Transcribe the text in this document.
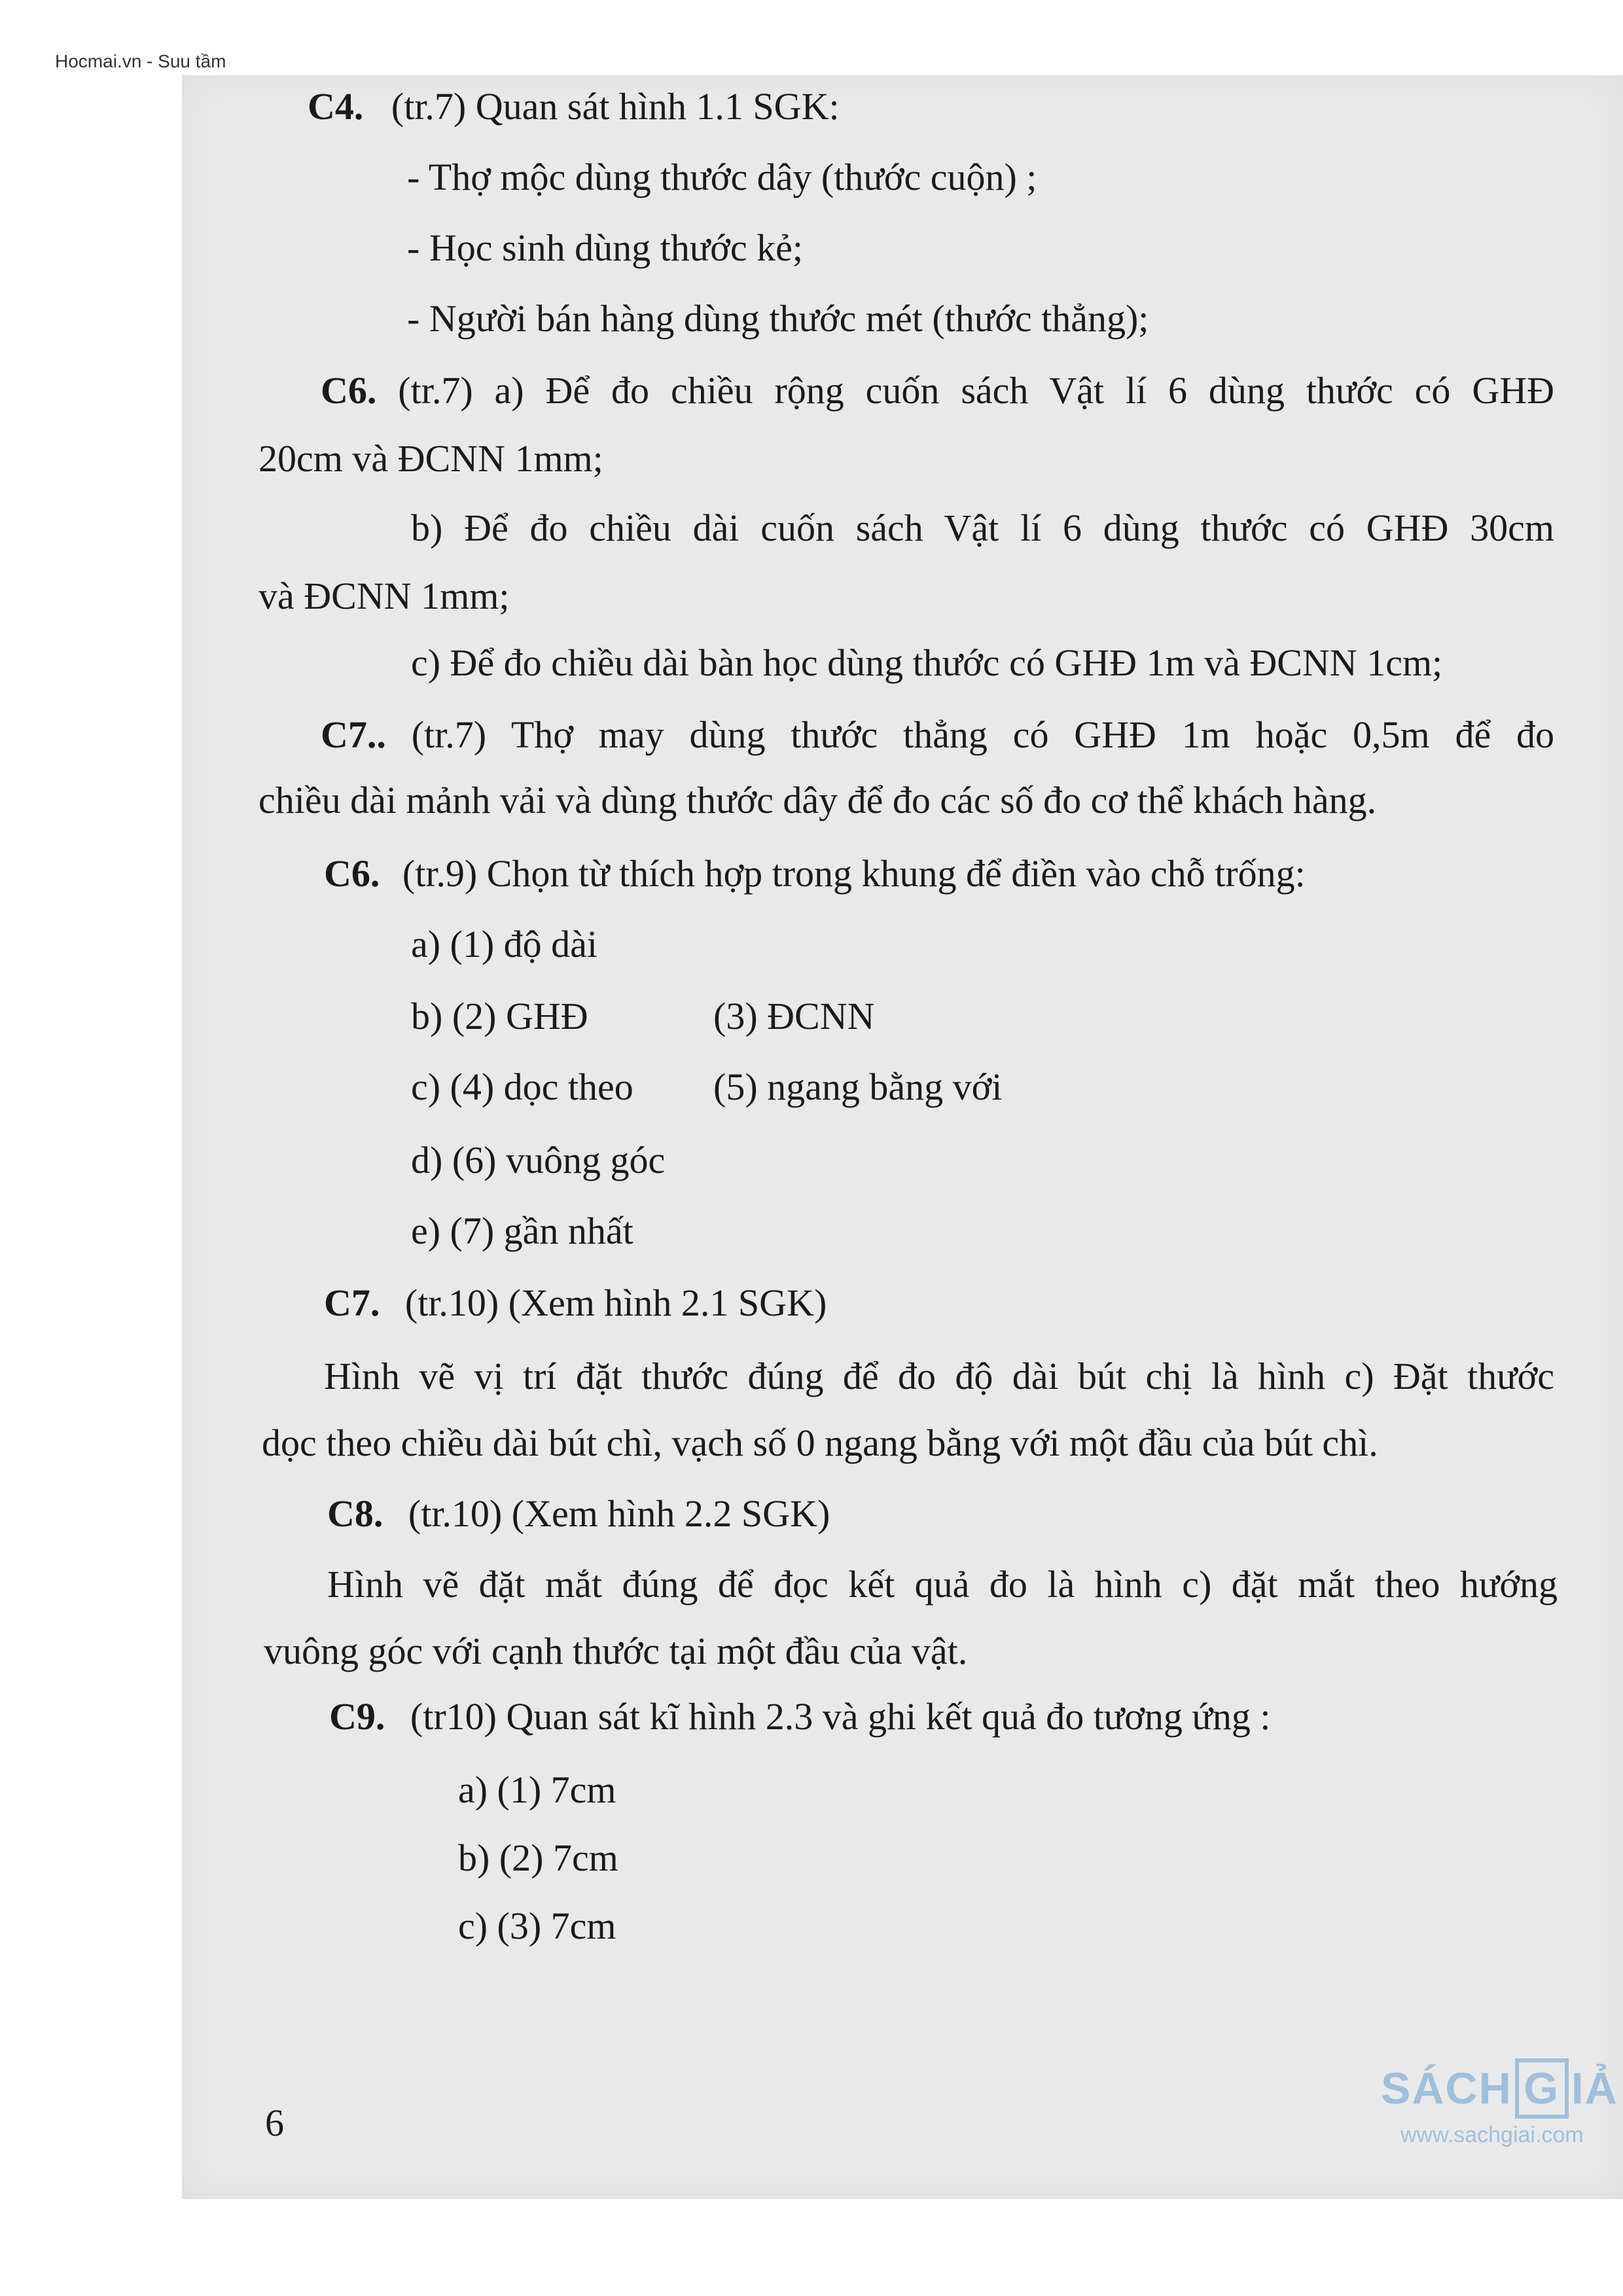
Hocmai.vn - Suu tầm
C4. (tr.7) Quan sát hình 1.1 SGK:
- Thợ mộc dùng thước dây (thước cuộn) ;
- Học sinh dùng thước kẻ;
- Người bán hàng dùng thước mét (thước thẳng);
C6. (tr.7) a) Để đo chiều rộng cuốn sách Vật lí 6 dùng thước có GHĐ
20cm và ĐCNN 1mm;
b) Để đo chiều dài cuốn sách Vật lí 6 dùng thước có GHĐ 30cm
và ĐCNN 1mm;
c) Để đo chiều dài bàn học dùng thước có GHĐ 1m và ĐCNN 1cm;
C7.. (tr.7) Thợ may dùng thước thẳng có GHĐ 1m hoặc 0,5m để đo
chiều dài mảnh vải và dùng thước dây để đo các số đo cơ thể khách hàng.
C6. (tr.9) Chọn từ thích hợp trong khung để điền vào chỗ trống:
a) (1) độ dài
b) (2) GHĐ	(3) ĐCNN
c) (4) dọc theo (5) ngang bằng với
d) (6) vuông góc
e) (7) gần nhất
C7. (tr.10) (Xem hình 2.1 SGK)
Hình vẽ vị trí đặt thước đúng để đo độ dài bút chị là hình c) Đặt thước
dọc theo chiều dài bút chì, vạch số 0 ngang bằng với một đầu của bút chì.
C8. (tr.10) (Xem hình 2.2 SGK)
Hình vẽ đặt mắt đúng để đọc kết quả đo là hình c) đặt mắt theo hướng
vuông góc với cạnh thước tại một đầu của vật.
C9. (tr10) Quan sát kĩ hình 2.3 và ghi kết quả đo tương ứng :
a) (1) 7cm
b) (2) 7cm
c) (3) 7cm
6
SÁCH G IẢ
www.sachgiai.com
